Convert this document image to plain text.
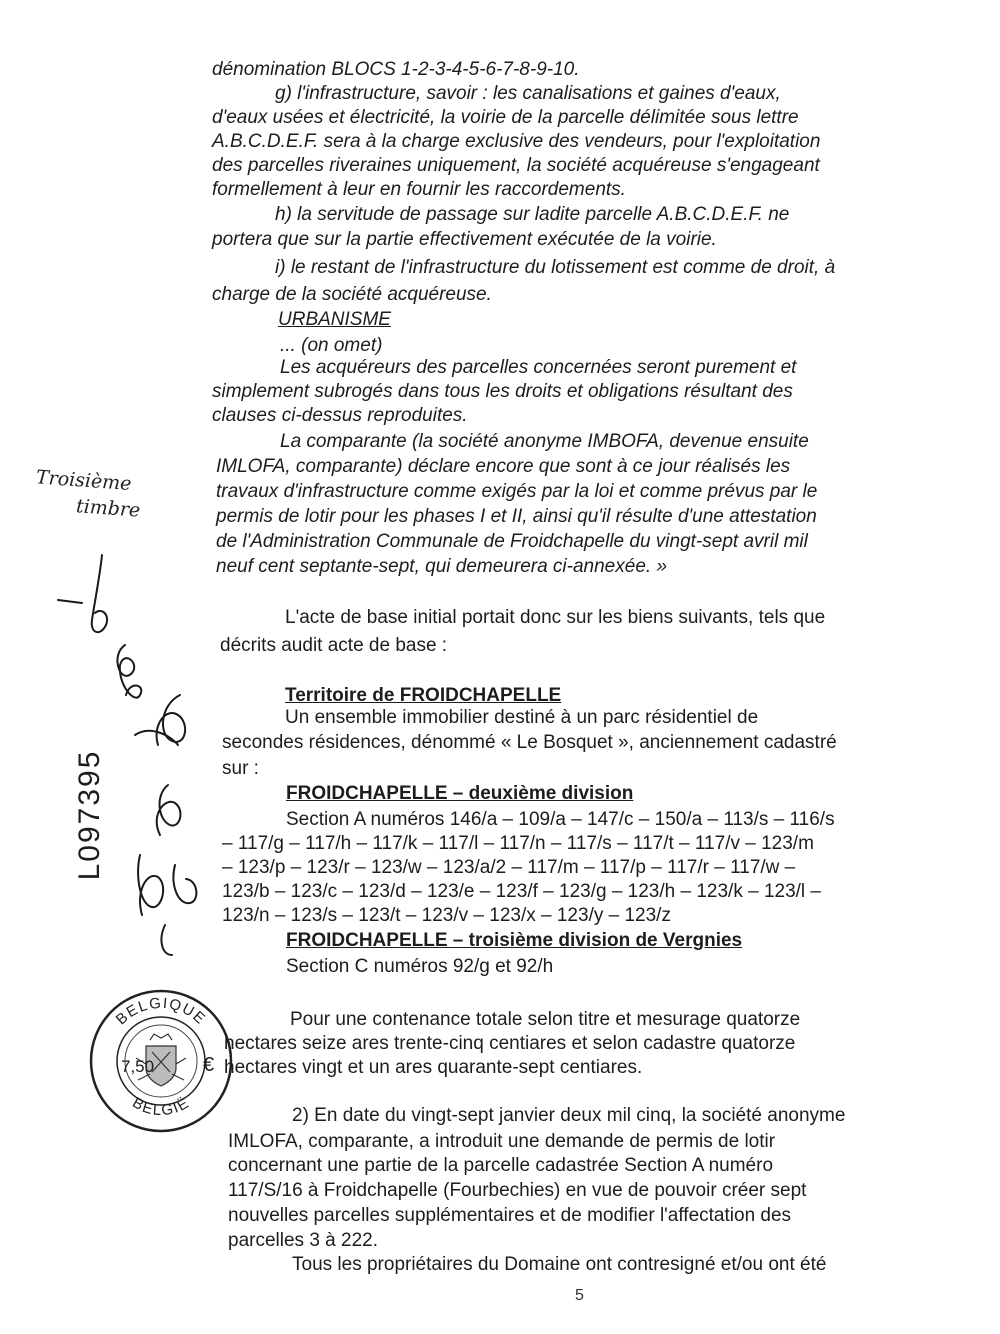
Troisième
timbre
L097395
BELGIQUE
BELGIË
7,50 €
dénomination BLOCS 1-2-3-4-5-6-7-8-9-10.
g) l'infrastructure, savoir : les canalisations et gaines d'eaux,
d'eaux usées et électricité, la voirie de la parcelle délimitée sous lettre
A.B.C.D.E.F. sera à la charge exclusive des vendeurs, pour l'exploitation
des parcelles riveraines uniquement, la société acquéreuse s'engageant
formellement à leur en fournir les raccordements.
h) la servitude de passage sur ladite parcelle A.B.C.D.E.F. ne
portera que sur la partie effectivement exécutée de la voirie.
i) le restant de l'infrastructure du lotissement est comme de droit, à
charge de la société acquéreuse.
URBANISME
... (on omet)
Les acquéreurs des parcelles concernées seront purement et
simplement subrogés dans tous les droits et obligations résultant des
clauses ci-dessus reproduites.
La comparante (la société anonyme IMBOFA, devenue ensuite
IMLOFA, comparante) déclare encore que sont à ce jour réalisés les
travaux d'infrastructure comme exigés par la loi et comme prévus par le
permis de lotir pour les phases I et II, ainsi qu'il résulte d'une attestation
de l'Administration Communale de Froidchapelle du vingt-sept avril mil
neuf cent septante-sept, qui demeurera ci-annexée. »
L'acte de base initial portait donc sur les biens suivants, tels que
décrits audit acte de base :
Territoire de FROIDCHAPELLE
Un ensemble immobilier destiné à un parc résidentiel de
secondes résidences, dénommé « Le Bosquet », anciennement cadastré
sur :
FROIDCHAPELLE – deuxième division
Section A numéros 146/a – 109/a – 147/c – 150/a – 113/s – 116/s
– 117/g – 117/h – 117/k – 117/l – 117/n – 117/s – 117/t – 117/v – 123/m
– 123/p – 123/r – 123/w – 123/a/2 – 117/m – 117/p – 117/r – 117/w –
123/b – 123/c – 123/d – 123/e – 123/f – 123/g – 123/h – 123/k – 123/l –
123/n – 123/s – 123/t – 123/v – 123/x – 123/y – 123/z
FROIDCHAPELLE – troisième division de Vergnies
Section C numéros 92/g et 92/h
Pour une contenance totale selon titre et mesurage quatorze
hectares seize ares trente-cinq centiares et selon cadastre quatorze
hectares vingt et un ares quarante-sept centiares.
2) En date du vingt-sept janvier deux mil cinq, la société anonyme
IMLOFA, comparante, a introduit une demande de permis de lotir
concernant une partie de la parcelle cadastrée Section A numéro
117/S/16 à Froidchapelle (Fourbechies) en vue de pouvoir créer sept
nouvelles parcelles supplémentaires et de modifier l'affectation des
parcelles 3 à 222.
Tous les propriétaires du Domaine ont contresigné et/ou ont été
5
